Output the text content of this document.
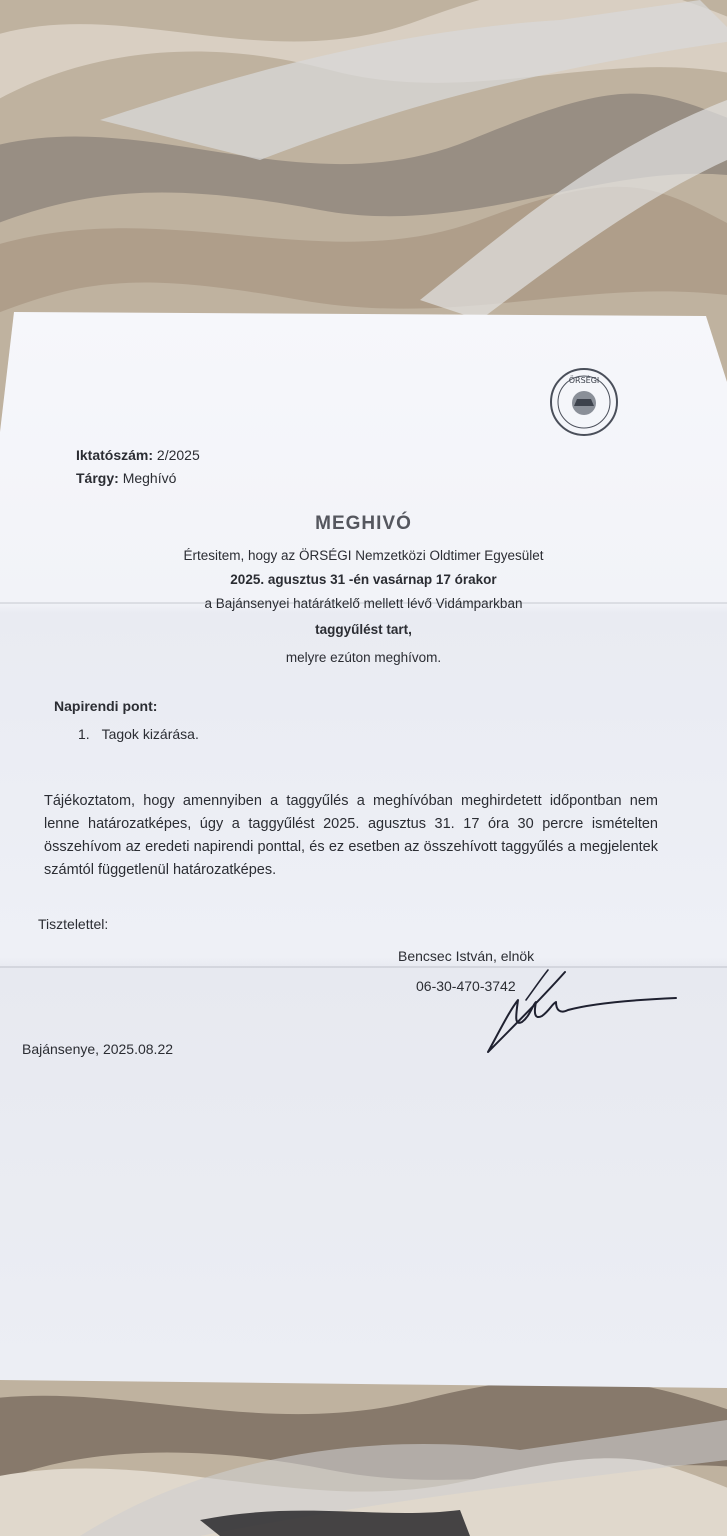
ÖRSÉGI
Iktatószám: 2/2025
Tárgy: Meghívó
MEGHIVÓ
Értesitem, hogy az ÖRSÉGI Nemzetközi Oldtimer Egyesület
2025. agusztus 31 -én vasárnap 17 órakor
a Bajánsenyei határátkelő mellett lévő Vidámparkban
taggyűlést tart,
melyre ezúton meghívom.
Napirendi pont:
1. Tagok kizárása.
Tájékoztatom, hogy amennyiben a taggyűlés a meghívóban meghirdetett időpontban nem lenne határozatképes, úgy a taggyűlést 2025. agusztus 31. 17 óra 30 percre ismételten összehívom az eredeti napirendi ponttal, és ez esetben az összehívott taggyűlés a megjelentek számtól függetlenül határozatképes.
Tisztelettel:
Bencsec István, elnök
06-30-470-3742
Bajánsenye, 2025.08.22
